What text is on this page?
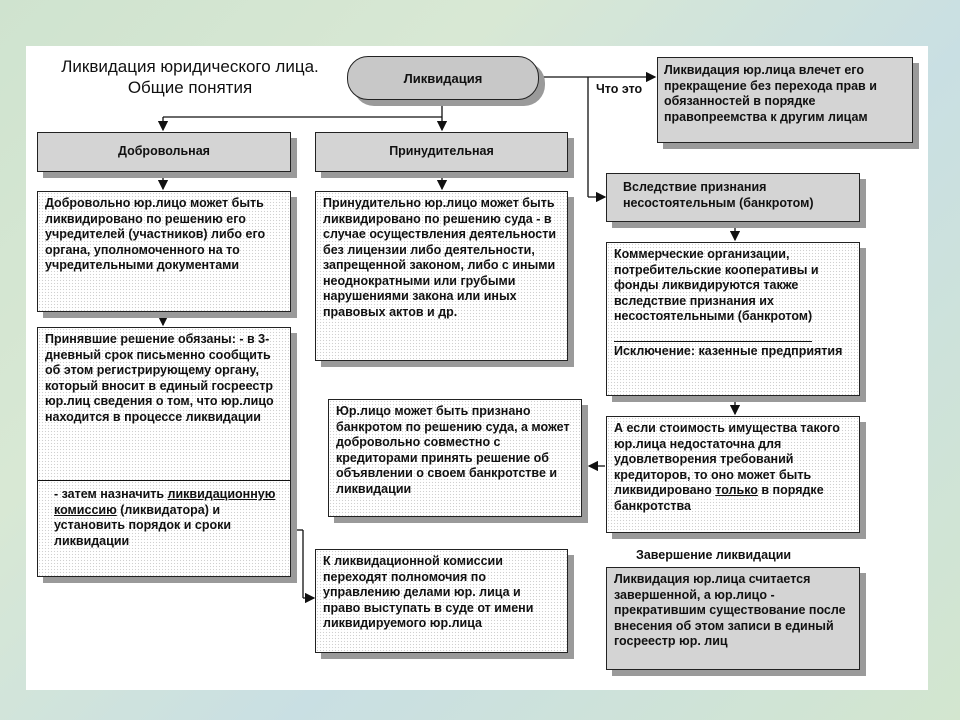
Ликвидация юридического лица. Общие понятия	Ликвидация
Что это
Ликвидация юр.лица влечет его прекращение без перехода прав и обязанностей в порядке правопреемства к другим лицам
Добровольная	Принудительная
Вследствие признания несостоятельным (банкротом)
Добровольно юр.лицо может быть ликвидировано по решению его учредителей (участников) либо его органа, уполномоченного на то учредительными документами
Принудительно юр.лицо может быть ликвидировано по решению суда - в случае осуществления деятельности без лицензии либо деятельности, запрещенной законом, либо с иными неоднократными или грубыми нарушениями закона или иных правовых актов и др.
Коммерческие организации, потребительские кооперативы и фонды ликвидируются также вследствие признания их несостоятельными (банкротом)
Исключение: казенные предприятия
Принявшие решение обязаны: - в 3-дневный срок письменно сообщить об этом регистрирующему органу, который вносит в единый госреестр юр.лиц сведения о том, что юр.лицо находится в процессе ликвидации
- затем назначить ликвидационную комиссию (ликвидатора) и установить порядок и сроки ликвидации
Юр.лицо может быть признано банкротом по решению суда, а может добровольно совместно с кредиторами принять решение об объявлении о своем банкротстве и ликвидации
А если стоимость имущества такого юр.лица недостаточна для удовлетворения требований кредиторов, то оно может быть ликвидировано только в порядке банкротства
Завершение ликвидации
Ликвидация юр.лица считается завершенной, а юр.лицо - прекратившим существование после внесения об этом записи в единый госреестр юр. лиц
К ликвидационной комиссии переходят полномочия по управлению делами юр. лица и право выступать в суде от имени ликвидируемого юр.лица
